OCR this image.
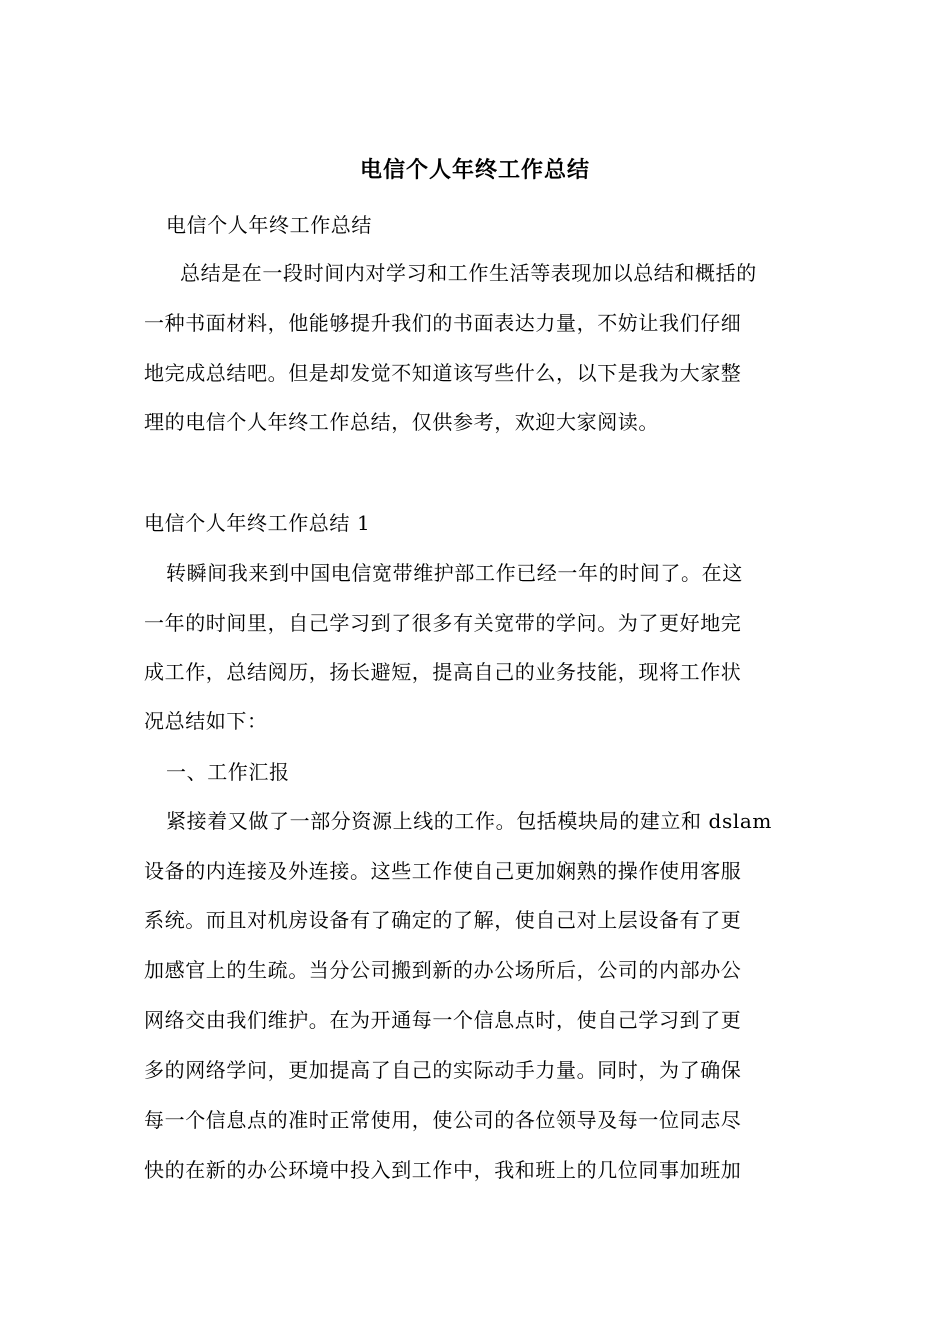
电信个人年终工作总结
电信个人年终工作总结
总结是在一段时间内对学习和工作生活等表现加以总结和概括的
一种书面材料，他能够提升我们的书面表达力量，不妨让我们仔细
地完成总结吧。但是却发觉不知道该写些什么，以下是我为大家整
理的电信个人年终工作总结，仅供参考，欢迎大家阅读。
电信个人年终工作总结 1
转瞬间我来到中国电信宽带维护部工作已经一年的时间了。在这
一年的时间里，自己学习到了很多有关宽带的学问。为了更好地完
成工作，总结阅历，扬长避短，提高自己的业务技能，现将工作状
况总结如下：
一、工作汇报
紧接着又做了一部分资源上线的工作。包括模块局的建立和 dslam
设备的内连接及外连接。这些工作使自己更加娴熟的操作使用客服
系统。而且对机房设备有了确定的了解，使自己对上层设备有了更
加感官上的生疏。当分公司搬到新的办公场所后，公司的内部办公
网络交由我们维护。在为开通每一个信息点时，使自己学习到了更
多的网络学问，更加提高了自己的实际动手力量。同时，为了确保
每一个信息点的准时正常使用，使公司的各位领导及每一位同志尽
快的在新的办公环境中投入到工作中，我和班上的几位同事加班加
